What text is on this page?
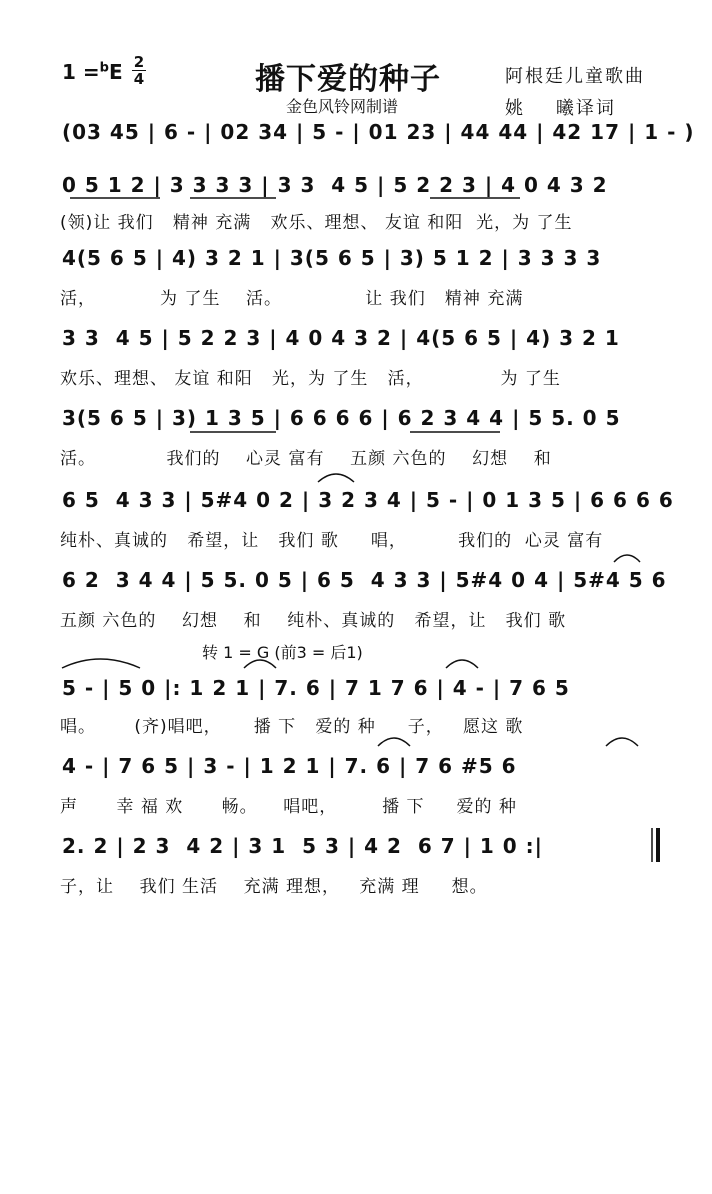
1 =$^b$E 2
4	播下爱的种子	阿根廷儿童歌曲
金色风铃网制谱	姚    曦译词
(03 45 | 6 - | 02 34 | 5 - | 01 23 | 44 44 | 42 17 | 1 - )
0 5 1 2 | 3 3 3 3 | 3 3  4 5 | 5 2 2 3 | 4 0 4 3 2
(领)让 我们   精神 充满   欢乐、理想、 友谊 和阳  光，为 了生
4(5 6 5 | 4) 3 2 1 | 3(5 6 5 | 3) 5 1 2 | 3 3 3 3
活，          为 了生    活。             让 我们   精神 充满
3 3  4 5 | 5 2 2 3 | 4 0 4 3 2 | 4(5 6 5 | 4) 3 2 1
欢乐、理想、 友谊 和阳   光，为 了生   活，            为 了生
3(5 6 5 | 3) 1 3 5 | 6 6 6 6 | 6 2 3 4 4 | 5 5. 0 5
活。           我们的    心灵 富有    五颜 六色的    幻想    和
6 5  4 3 3 | 5#4 0 2 | 3 2 3 4 | 5 - | 0 1 3 5 | 6 6 6 6
纯朴、真诚的   希望，让   我们 歌     唱，        我们的  心灵 富有
6 2  3 4 4 | 5 5. 0 5 | 6 5  4 3 3 | 5#4 0 4 | 5#4 5 6
五颜 六色的    幻想    和    纯朴、真诚的   希望，让   我们 歌
转 1 = G (前3 = 后1)
5 - | 5 0 |: 1 2 1 | 7. 6 | 7 1 7 6 | 4 - | 7 6 5
唱。      (齐)唱吧，     播 下   爱的 种     子，   愿这 歌
4 - | 7 6 5 | 3 - | 1 2 1 | 7. 6 | 7 6 #5 6
声      幸 福 欢      畅。    唱吧，       播 下     爱的 种
2. 2 | 2 3  4 2 | 3 1  5 3 | 4 2  6 7 | 1 0 :|
子，让    我们 生活    充满 理想，   充满 理     想。
